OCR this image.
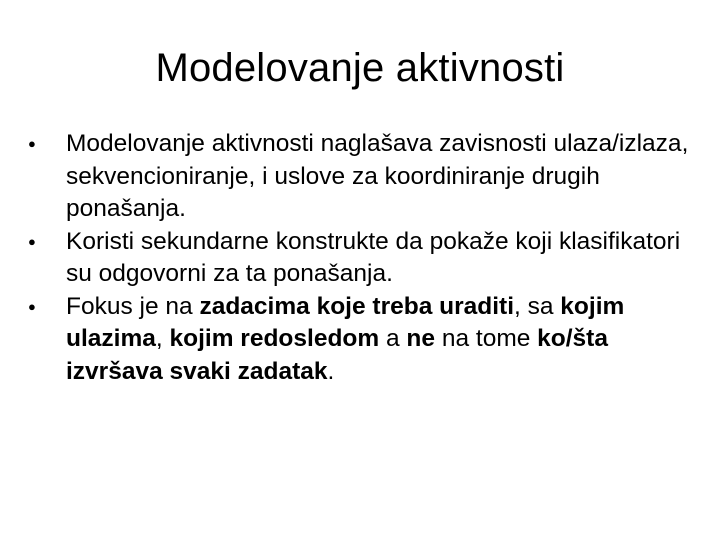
Modelovanje aktivnosti
● Modelovanje aktivnosti naglašava zavisnosti ulaza/izlaza, sekvencioniranje, i uslove za koordiniranje drugih ponašanja.
● Koristi sekundarne konstrukte da pokaže koji klasifikatori su odgovorni za ta ponašanja.
● Fokus je na zadacima koje treba uraditi, sa kojim ulazima, kojim redosledom a ne na tome ko/šta izvršava svaki zadatak.
